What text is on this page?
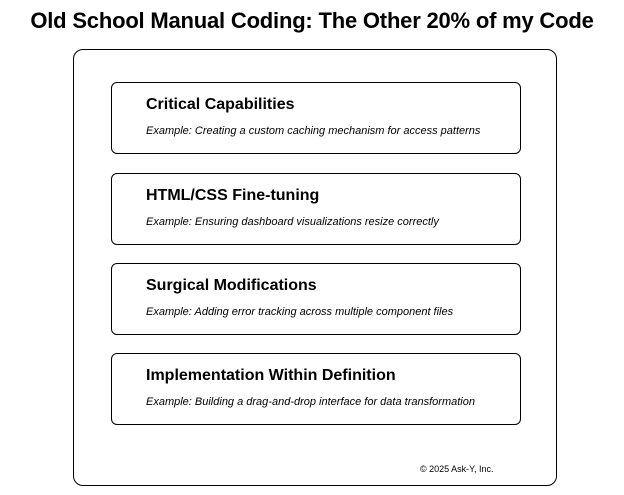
Old School Manual Coding: The Other 20% of my Code
Critical Capabilities
Example: Creating a custom caching mechanism for access patterns
HTML/CSS Fine-tuning
Example: Ensuring dashboard visualizations resize correctly
Surgical Modifications
Example: Adding error tracking across multiple component files
Implementation Within Definition
Example: Building a drag-and-drop interface for data transformation
© 2025 Ask-Y, Inc.
